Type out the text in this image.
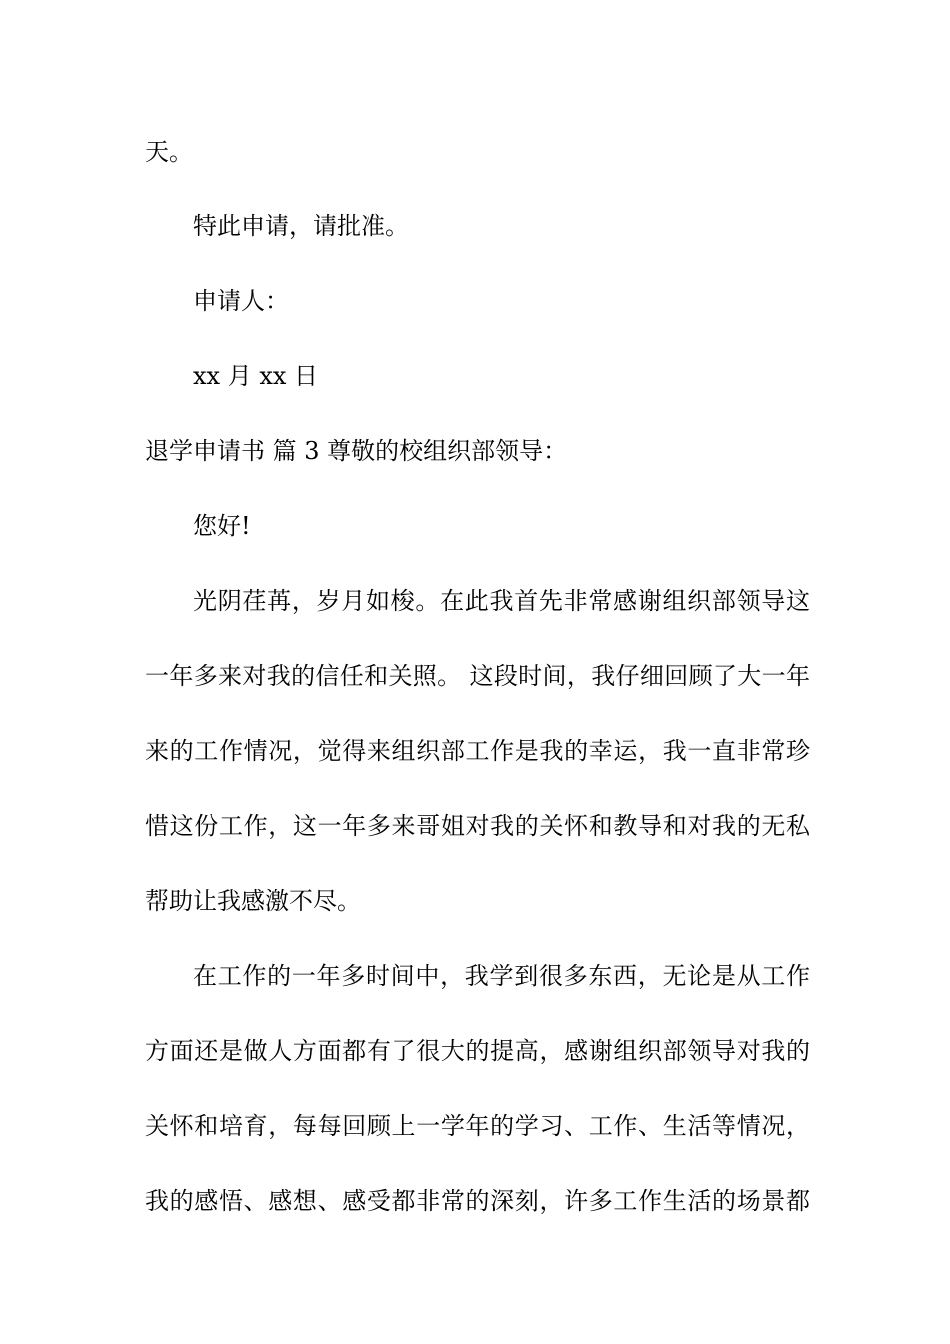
天。
特此申请，请批准。
申请人：
xx 月 xx 日
退学申请书 篇 3 尊敬的校组织部领导：
您好!
光阴荏苒，岁月如梭。在此我首先非常感谢组织部领导这
一年多来对我的信任和关照。 这段时间，我仔细回顾了大一年
来的工作情况，觉得来组织部工作是我的幸运，我一直非常珍
惜这份工作，这一年多来哥姐对我的关怀和教导和对我的无私
帮助让我感激不尽。
在工作的一年多时间中，我学到很多东西，无论是从工作
方面还是做人方面都有了很大的提高，感谢组织部领导对我的
关怀和培育，每每回顾上一学年的学习、工作、生活等情况，
我的感悟、感想、感受都非常的深刻，许多工作生活的场景都
